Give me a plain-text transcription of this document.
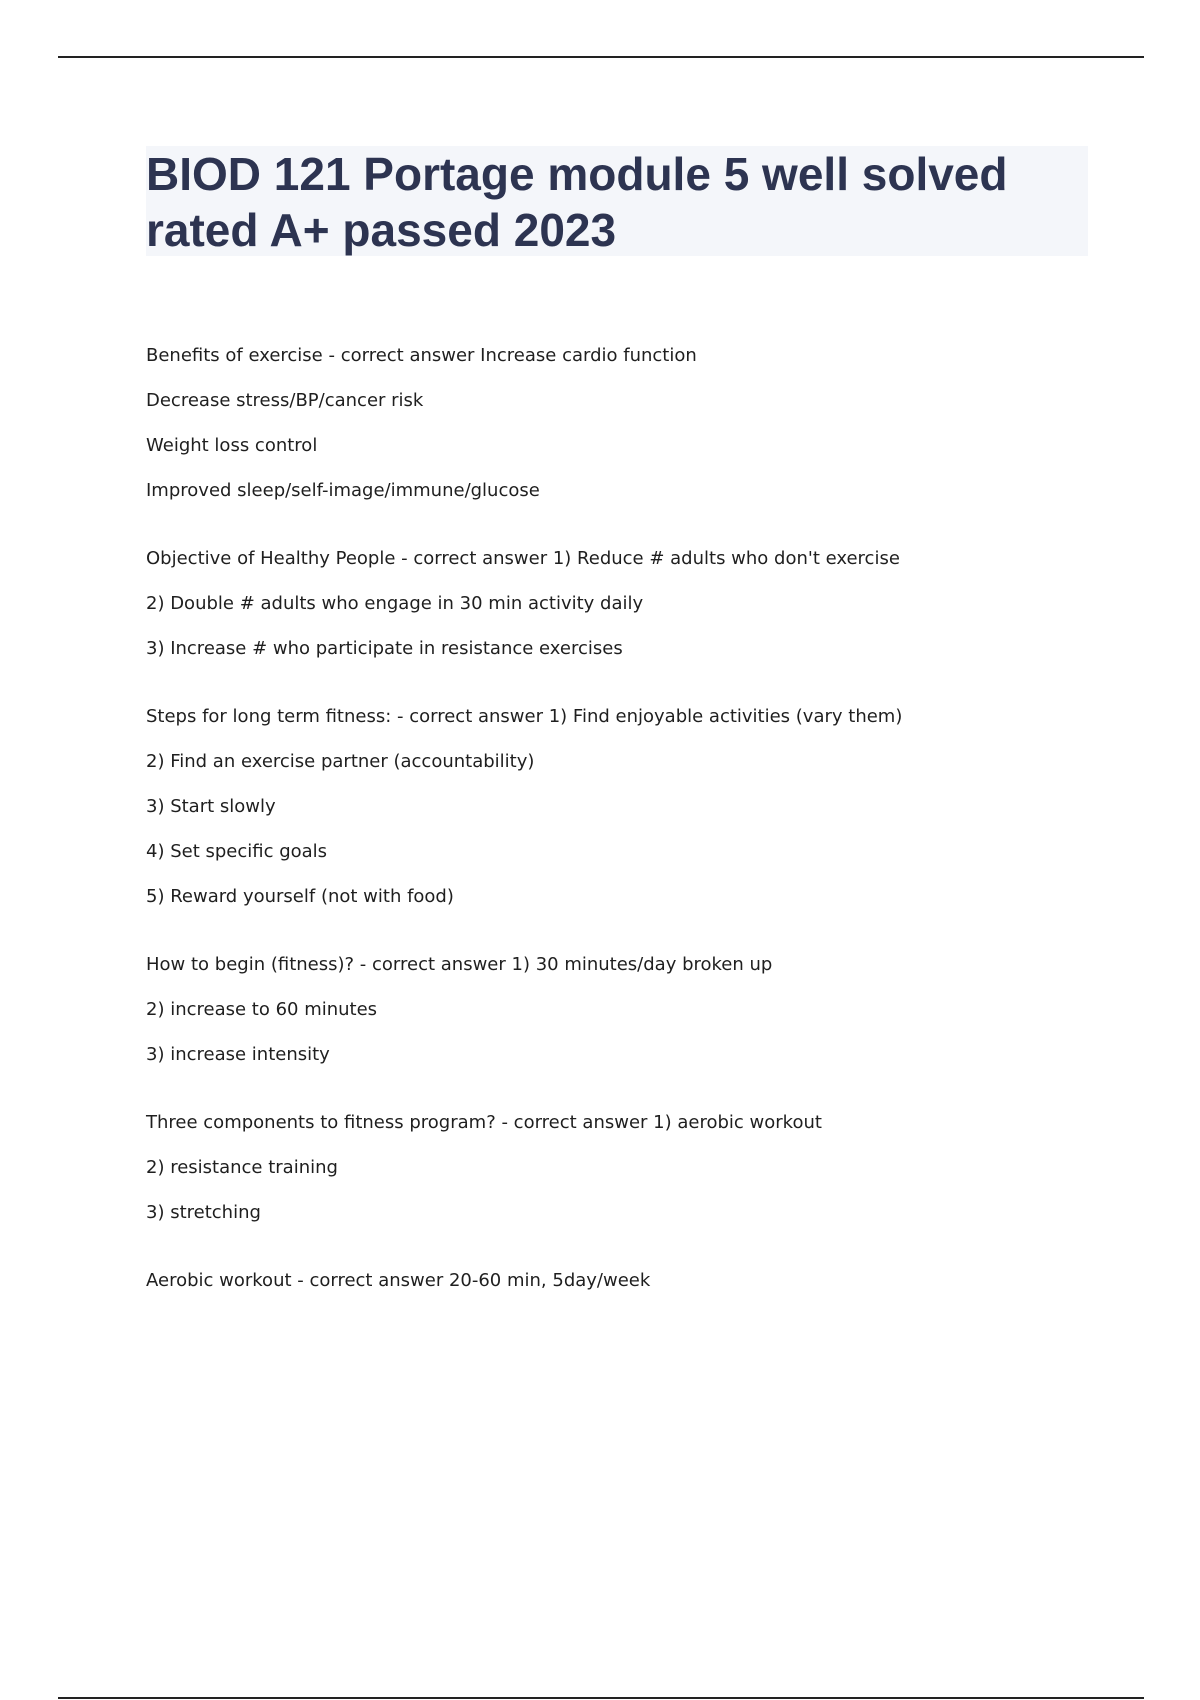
BIOD 121 Portage module 5 well solved rated A+ passed 2023
Benefits of exercise - correct answer Increase cardio function
Decrease stress/BP/cancer risk
Weight loss control
Improved sleep/self-image/immune/glucose
Objective of Healthy People - correct answer 1) Reduce # adults who don't exercise
2) Double # adults who engage in 30 min activity daily
3) Increase # who participate in resistance exercises
Steps for long term fitness: - correct answer 1) Find enjoyable activities (vary them)
2) Find an exercise partner (accountability)
3) Start slowly
4) Set specific goals
5) Reward yourself (not with food)
How to begin (fitness)? - correct answer 1) 30 minutes/day broken up
2) increase to 60 minutes
3) increase intensity
Three components to fitness program? - correct answer 1) aerobic workout
2) resistance training
3) stretching
Aerobic workout - correct answer 20-60 min, 5day/week
